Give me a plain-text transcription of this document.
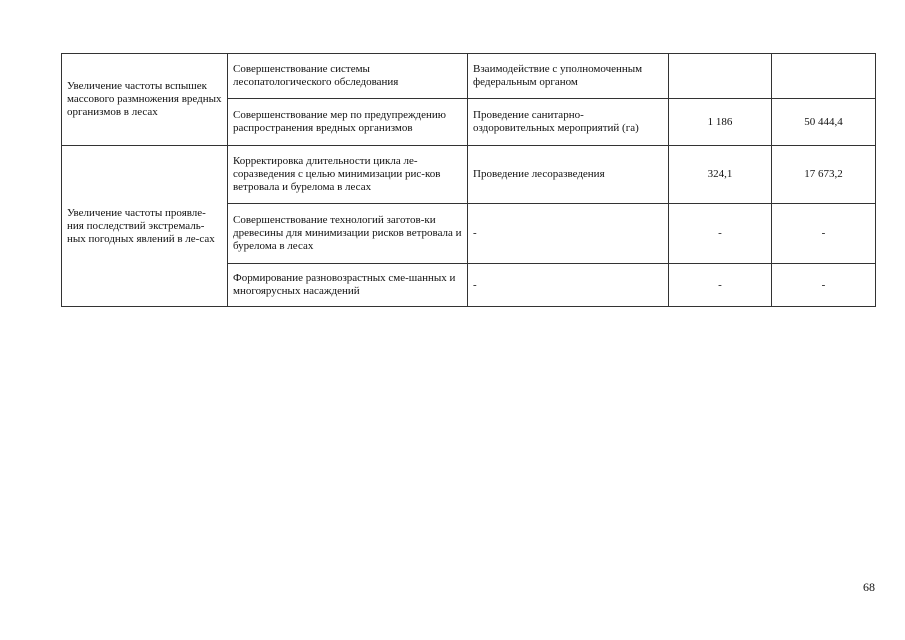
Увеличение частоты вспышек массового размножения вредных организмов в лесах	Совершенствование системы лесопатологического обследования	Взаимодействие с уполномоченным федеральным органом		
	Совершенствование мер по предупреждению распространения вредных организмов	Проведение санитарно-оздоровительных мероприятий (га)	1 186	50 444,4
Увеличение частоты проявле-ния последствий экстремаль-ных погодных явлений в ле-сах	Корректировка длительности цикла ле-соразведения с целью минимизации рис-ков ветровала и бурелома в лесах	Проведение лесоразведения	324,1	17 673,2
	Совершенствование технологий заготов-ки древесины для минимизации рисков ветровала и бурелома в лесах	-	-	-
	Формирование разновозрастных сме-шанных и многоярусных насаждений	-	-	-
68
